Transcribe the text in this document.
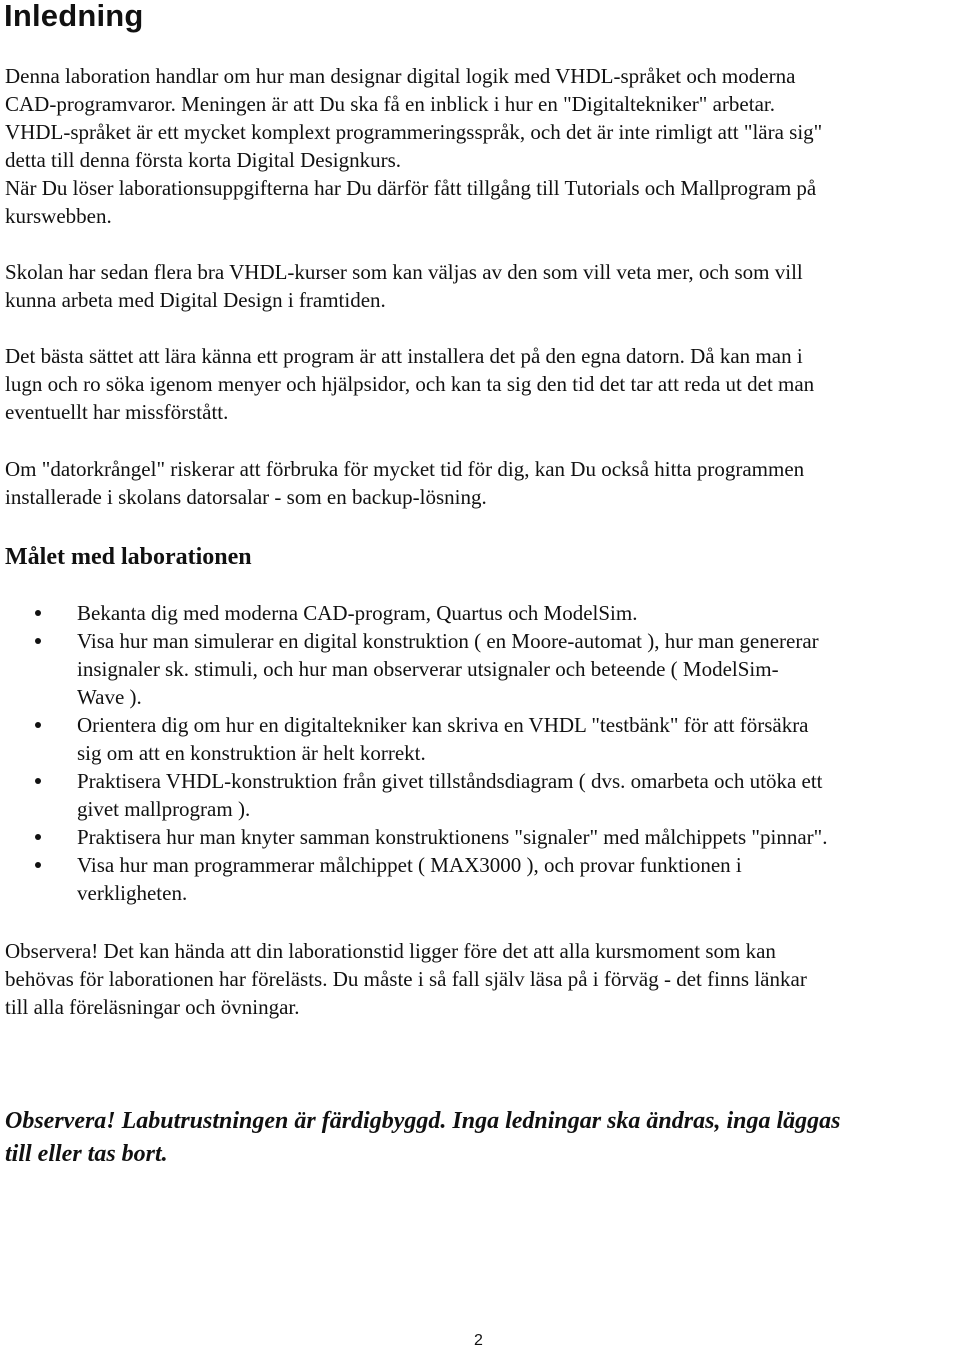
Inledning

Denna laboration handlar om hur man designar digital logik med VHDL-språket och moderna
CAD-programvaror. Meningen är att Du ska få en inblick i hur en "Digitaltekniker" arbetar.
VHDL-språket är ett mycket komplext programmeringsspråk, och det är inte rimligt att "lära sig"
detta till denna första korta Digital Designkurs.
När Du löser laborationsuppgifterna har Du därför fått tillgång till Tutorials och Mallprogram på
kurswebben.

Skolan har sedan flera bra VHDL-kurser som kan väljas av den som vill veta mer, och som vill
kunna arbeta med Digital Design i framtiden.

Det bästa sättet att lära känna ett program är att installera det på den egna datorn. Då kan man i
lugn och ro söka igenom menyer och hjälpsidor, och kan ta sig den tid det tar att reda ut det man
eventuellt har missförstått.

Om "datorkrångel" riskerar att förbruka för mycket tid för dig, kan Du också hitta programmen
installerade i skolans datorsalar - som en backup-lösning.

Målet med laborationen
Bekanta dig med moderna CAD-program, Quartus och ModelSim.
Visa hur man simulerar en digital konstruktion ( en Moore-automat ), hur man genererar
insignaler sk. stimuli, och hur man observerar utsignaler och beteende ( ModelSim-
Wave ).
Orientera dig om hur en digitaltekniker kan skriva en VHDL "testbänk" för att försäkra
sig om att en konstruktion är helt korrekt.
Praktisera VHDL-konstruktion från givet tillståndsdiagram ( dvs. omarbeta och utöka ett
givet mallprogram ).
Praktisera hur man knyter samman konstruktionens "signaler" med målchippets "pinnar".
Visa hur man programmerar målchippet ( MAX3000 ), och provar funktionen i
verkligheten.

Observera! Det kan hända att din laborationstid ligger före det att alla kursmoment som kan
behövas för laborationen har förelästs. Du måste i så fall själv läsa på i förväg - det finns länkar
till alla föreläsningar och övningar.

Observera! Labutrustningen är färdigbyggd. Inga ledningar ska ändras, inga läggas
till eller tas bort.

2
